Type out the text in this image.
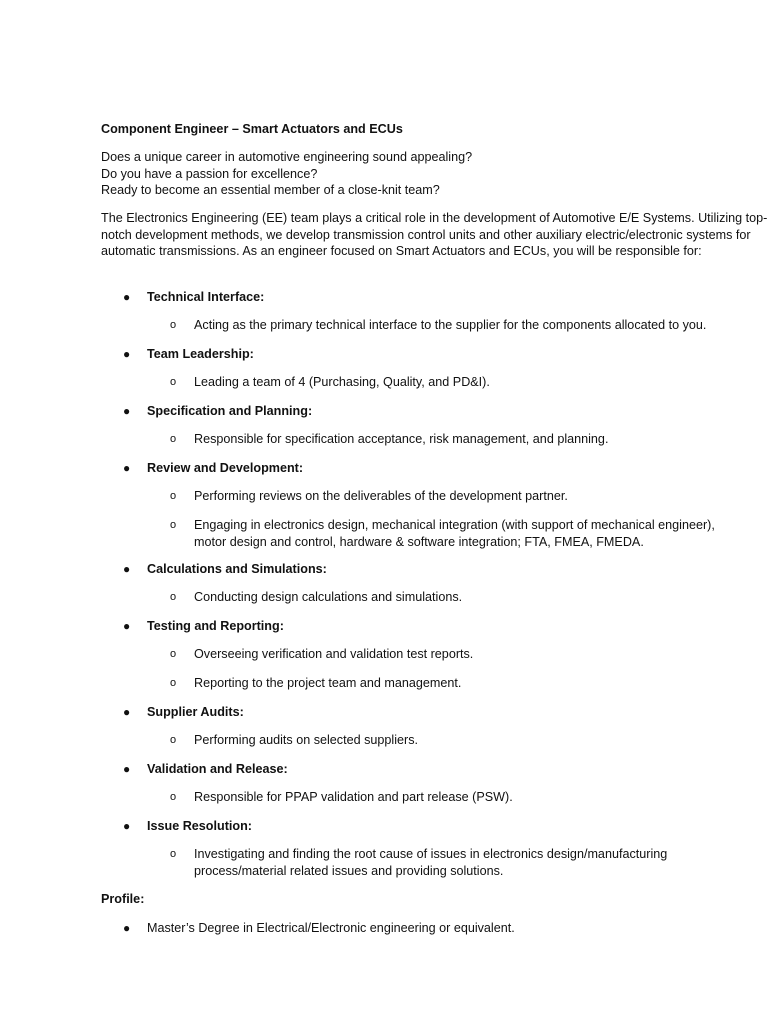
Component Engineer – Smart Actuators and ECUs

Does a unique career in automotive engineering sound appealing?
Do you have a passion for excellence?
Ready to become an essential member of a close-knit team?

The Electronics Engineering (EE) team plays a critical role in the development of Automotive E/E Systems. Utilizing top-notch development methods, we develop transmission control units and other auxiliary electric/electronic systems for automatic transmissions. As an engineer focused on Smart Actuators and ECUs, you will be responsible for:

● Technical Interface:
o	Acting as the primary technical interface to the supplier for the components allocated to you.
● Team Leadership:
o	Leading a team of 4 (Purchasing, Quality, and PD&I).
● Specification and Planning:
o	Responsible for specification acceptance, risk management, and planning.
● Review and Development:
o	Performing reviews on the deliverables of the development partner.
o	Engaging in electronics design, mechanical integration (with support of mechanical engineer), motor design and control, hardware & software integration; FTA, FMEA, FMEDA.
● Calculations and Simulations:
o	Conducting design calculations and simulations.
● Testing and Reporting:
o	Overseeing verification and validation test reports.
o	Reporting to the project team and management.
● Supplier Audits:
o	Performing audits on selected suppliers.
● Validation and Release:
o	Responsible for PPAP validation and part release (PSW).
● Issue Resolution:
o	Investigating and finding the root cause of issues in electronics design/manufacturing process/material related issues and providing solutions.

Profile:

● Master’s Degree in Electrical/Electronic engineering or equivalent.
